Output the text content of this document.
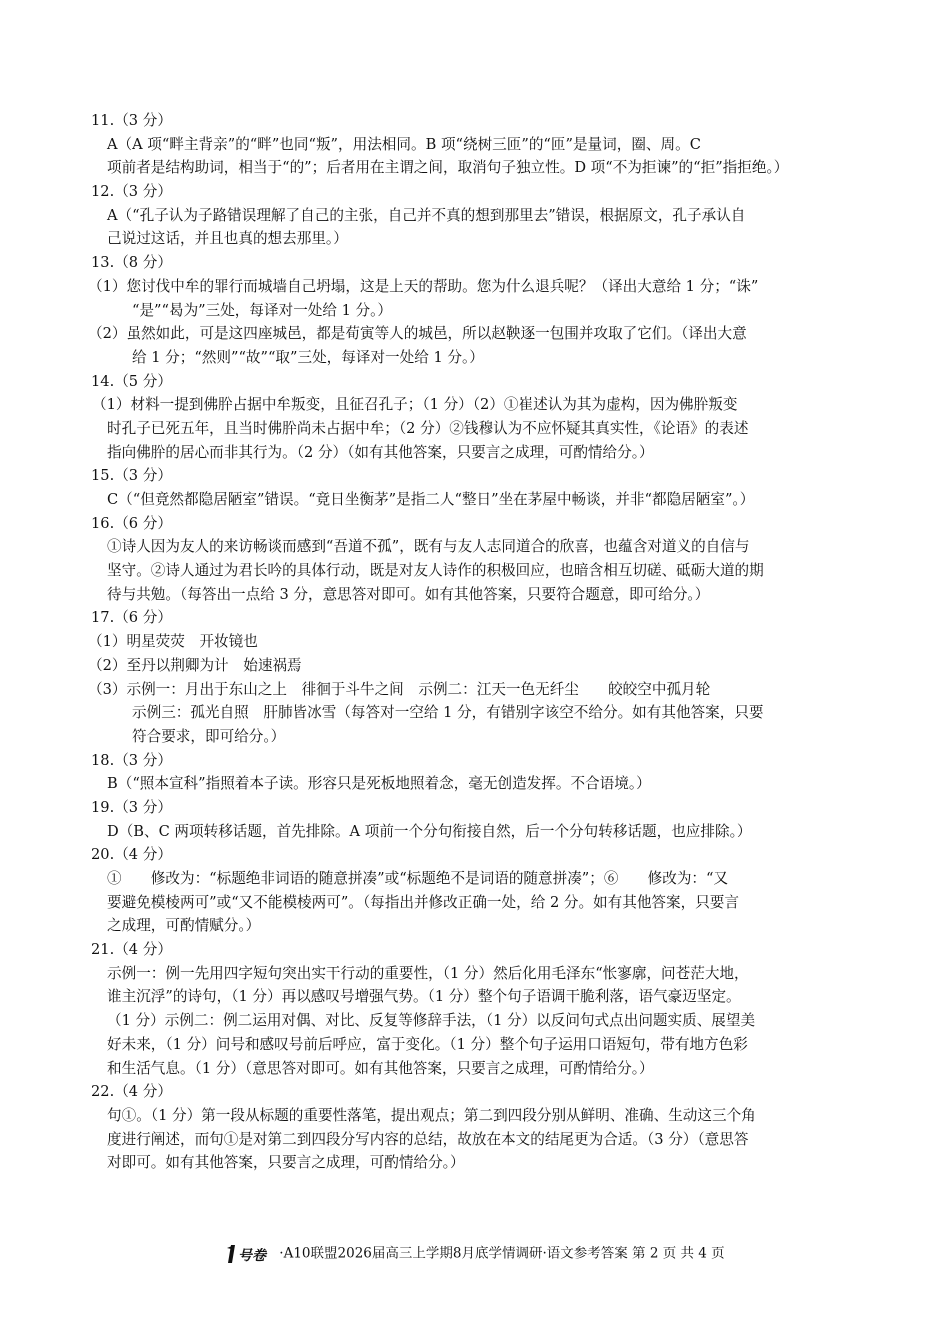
11.（3 分）
A（A 项“畔主背亲”的“畔”也同“叛”，用法相同。B 项“绕树三匝”的“匝”是量词，圈、周。C
项前者是结构助词，相当于“的”；后者用在主谓之间，取消句子独立性。D 项“不为拒谏”的“拒”指拒绝。）
12.（3 分）
A（“孔子认为子路错误理解了自己的主张，自己并不真的想到那里去”错误，根据原文，孔子承认自
己说过这话，并且也真的想去那里。）
13.（8 分）
（1）您讨伐中牟的罪行而城墙自己坍塌，这是上天的帮助。您为什么退兵呢？（译出大意给 1 分；“诛”
“是”“曷为”三处，每译对一处给 1 分。）
（2）虽然如此，可是这四座城邑，都是荀寅等人的城邑，所以赵鞅逐一包围并攻取了它们。（译出大意
给 1 分；“然则”“故”“取”三处，每译对一处给 1 分。）
14.（5 分）
（1）材料一提到佛肸占据中牟叛变，且征召孔子；（1 分）（2）①崔述认为其为虚构，因为佛肸叛变
时孔子已死五年，且当时佛肸尚未占据中牟；（2 分）②钱穆认为不应怀疑其真实性，《论语》的表述
指向佛肸的居心而非其行为。（2 分）（如有其他答案，只要言之成理，可酌情给分。）
15.（3 分）
C（“但竟然都隐居陋室”错误。“竟日坐衡茅”是指二人“整日”坐在茅屋中畅谈，并非“都隐居陋室”。）
16.（6 分）
①诗人因为友人的来访畅谈而感到“吾道不孤”，既有与友人志同道合的欣喜，也蕴含对道义的自信与
坚守。②诗人通过为君长吟的具体行动，既是对友人诗作的积极回应，也暗含相互切磋、砥砺大道的期
待与共勉。（每答出一点给 3 分，意思答对即可。如有其他答案，只要符合题意，即可给分。）
17.（6 分）
（1）明星荧荧　开妆镜也
（2）至丹以荆卿为计　始速祸焉
（3）示例一：月出于东山之上　徘徊于斗牛之间　示例二：江天一色无纤尘　　皎皎空中孤月轮
示例三：孤光自照　肝肺皆冰雪（每答对一空给 1 分，有错别字该空不给分。如有其他答案，只要
符合要求，即可给分。）
18.（3 分）
B（“照本宣科”指照着本子读。形容只是死板地照着念，毫无创造发挥。不合语境。）
19.（3 分）
D（B、C 两项转移话题，首先排除。A 项前一个分句衔接自然，后一个分句转移话题，也应排除。）
20.（4 分）
①　　修改为：“标题绝非词语的随意拼凑”或“标题绝不是词语的随意拼凑”；⑥　　修改为：“又
要避免模棱两可”或“又不能模棱两可”。（每指出并修改正确一处，给 2 分。如有其他答案，只要言
之成理，可酌情赋分。）
21.（4 分）
示例一：例一先用四字短句突出实干行动的重要性，（1 分）然后化用毛泽东“怅寥廓，问苍茫大地，
谁主沉浮”的诗句，（1 分）再以感叹号增强气势。（1 分）整个句子语调干脆利落，语气豪迈坚定。
（1 分）示例二：例二运用对偶、对比、反复等修辞手法，（1 分）以反问句式点出问题实质、展望美
好未来，（1 分）问号和感叹号前后呼应，富于变化。（1 分）整个句子运用口语短句，带有地方色彩
和生活气息。（1 分）（意思答对即可。如有其他答案，只要言之成理，可酌情给分。）
22.（4 分）
句①。（1 分）第一段从标题的重要性落笔，提出观点；第二到四段分别从鲜明、准确、生动这三个角
度进行阐述，而句①是对第二到四段分写内容的总结，故放在本文的结尾更为合适。（3 分）（意思答
对即可。如有其他答案，只要言之成理，可酌情给分。）
号卷 ·A10联盟2026届高三上学期8月底学情调研·语文参考答案 第 2 页 共 4 页
